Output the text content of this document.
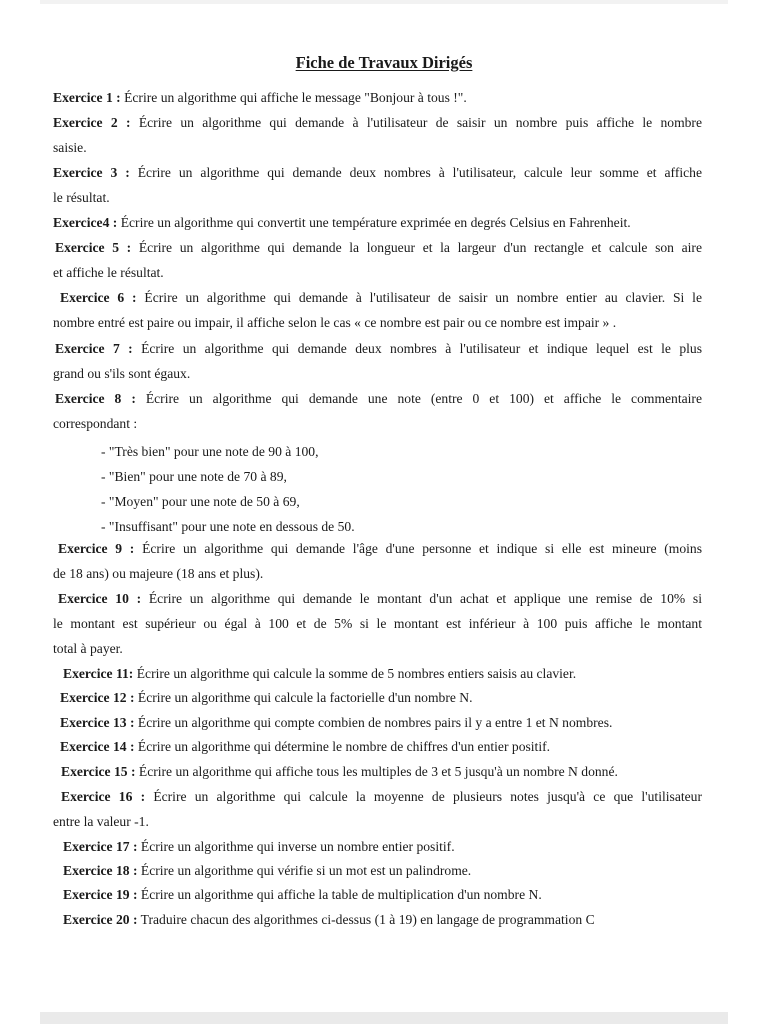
Fiche de Travaux Dirigés
Exercice 1 : Écrire un algorithme qui affiche le message "Bonjour à tous !".
Exercice 2 : Écrire un algorithme qui demande à l'utilisateur de saisir un nombre puis affiche le nombre
saisie.
Exercice 3 : Écrire un algorithme qui demande deux nombres à l'utilisateur, calcule leur somme et affiche
le résultat.
Exercice4 : Écrire un algorithme qui convertit une température exprimée en degrés Celsius en Fahrenheit.
Exercice 5 : Écrire un algorithme qui demande la longueur et la largeur d'un rectangle et calcule son aire
et affiche le résultat.
Exercice 6 : Écrire un algorithme qui demande à l'utilisateur de saisir un nombre entier au clavier. Si le
nombre entré est paire ou impair, il affiche selon le cas « ce nombre est pair ou ce nombre est impair » .
Exercice 7 : Écrire un algorithme qui demande deux nombres à l'utilisateur et indique lequel est le plus
grand ou s'ils sont égaux.
Exercice 8 : Écrire un algorithme qui demande une note (entre 0 et 100) et affiche le commentaire
correspondant :
- "Très bien" pour une note de 90 à 100,
- "Bien" pour une note de 70 à 89,
- "Moyen" pour une note de 50 à 69,
- "Insuffisant" pour une note en dessous de 50.
Exercice 9 : Écrire un algorithme qui demande l'âge d'une personne et indique si elle est mineure (moins
de 18 ans) ou majeure (18 ans et plus).
Exercice 10 : Écrire un algorithme qui demande le montant d'un achat et applique une remise de 10% si
le montant est supérieur ou égal à 100 et de 5% si le montant est inférieur à 100 puis affiche le montant
total à payer.
Exercice 11: Écrire un algorithme qui calcule la somme de 5 nombres entiers saisis au clavier.
Exercice 12 : Écrire un algorithme qui calcule la factorielle d'un nombre N.
Exercice 13 : Écrire un algorithme qui compte combien de nombres pairs il y a entre 1 et N nombres.
Exercice 14 : Écrire un algorithme qui détermine le nombre de chiffres d'un entier positif.
Exercice 15 : Écrire un algorithme qui affiche tous les multiples de 3 et 5 jusqu'à un nombre N donné.
Exercice 16 : Écrire un algorithme qui calcule la moyenne de plusieurs notes jusqu'à ce que l'utilisateur
entre la valeur -1.
Exercice 17 : Écrire un algorithme qui inverse un nombre entier positif.
Exercice 18 : Écrire un algorithme qui vérifie si un mot est un palindrome.
Exercice 19 : Écrire un algorithme qui affiche la table de multiplication d'un nombre N.
Exercice 20 : Traduire chacun des algorithmes ci-dessus (1 à 19) en langage de programmation C
